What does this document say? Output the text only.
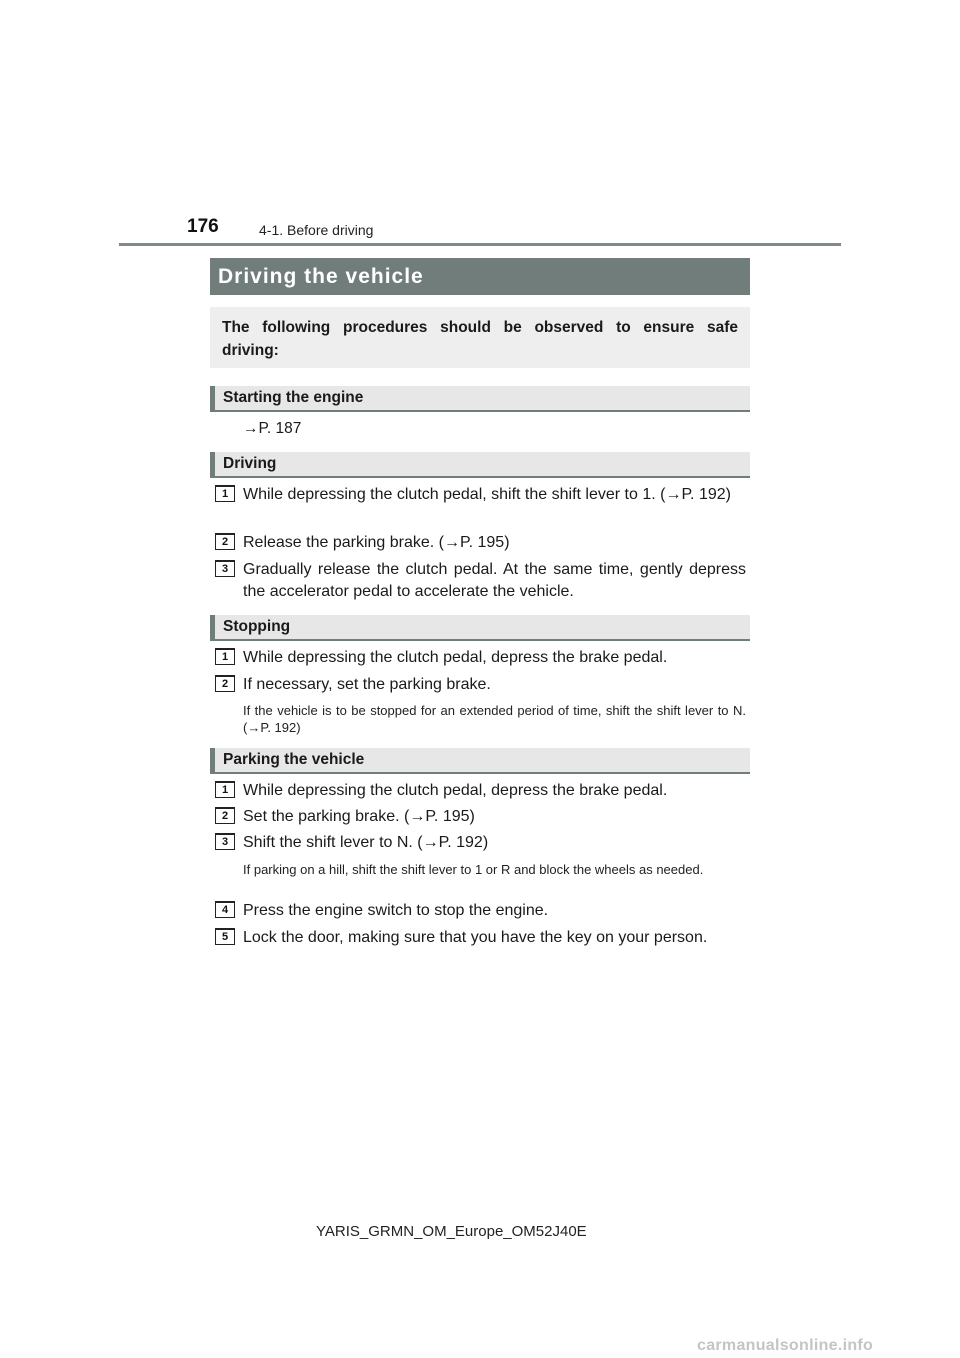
176	4-1. Before driving
Driving the vehicle
The following procedures should be observed to ensure safe driving:
Starting the engine
→P. 187
Driving
1 While depressing the clutch pedal, shift the shift lever to 1. (→P. 192)
2 Release the parking brake. (→P. 195)
3 Gradually release the clutch pedal. At the same time, gently depress the accelerator pedal to accelerate the vehicle.
Stopping
1 While depressing the clutch pedal, depress the brake pedal.
2 If necessary, set the parking brake.
If the vehicle is to be stopped for an extended period of time, shift the shift lever to N. (→P. 192)
Parking the vehicle
1 While depressing the clutch pedal, depress the brake pedal.
2 Set the parking brake. (→P. 195)
3 Shift the shift lever to N. (→P. 192)
If parking on a hill, shift the shift lever to 1 or R and block the wheels as needed.
4 Press the engine switch to stop the engine.
5 Lock the door, making sure that you have the key on your person.
YARIS_GRMN_OM_Europe_OM52J40E
carmanualsonline.info
